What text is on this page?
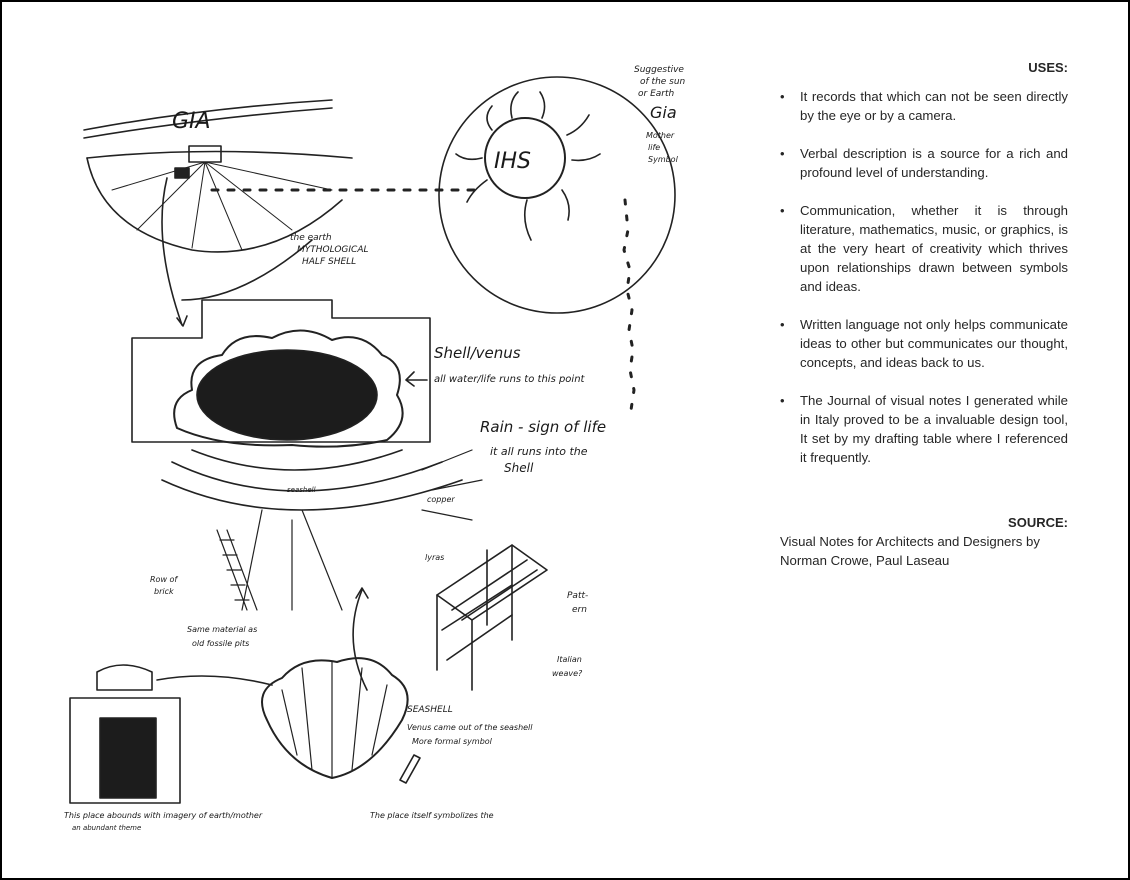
GIA
the earth
MYTHOLOGICAL
HALF SHELL
Suggestive
of the sun
or Earth
Gia
Mother
life
Symbol
IHS
Shell/venus
all water/life runs to this point
Rain - sign of life
it all runs into the
Shell
seashell
copper
Row of
brick
Same material as
old fossile pits
lyras
Patt-
ern
Italian
weave?
SEASHELL
Venus came out of the seashell
More formal symbol
This place abounds with imagery of earth/mother
an abundant theme
The place itself symbolizes the

USES:

• It records that which can not be seen directly by the eye or by a camera.
• Verbal description is a source for a rich and profound level of understanding.
• Communication, whether it is through literature, mathematics, music, or graphics, is at the very heart of creativity which thrives upon relationships drawn between symbols and ideas.
• Written language not only helps communicate ideas to other but communicates our thought, concepts, and ideas back to us.
• The Journal of visual notes I generated while in Italy proved to be a invaluable design tool, It set by my drafting table where I referenced it frequently.

SOURCE:

Visual Notes for Architects and Designers by
Norman Crowe, Paul Laseau
